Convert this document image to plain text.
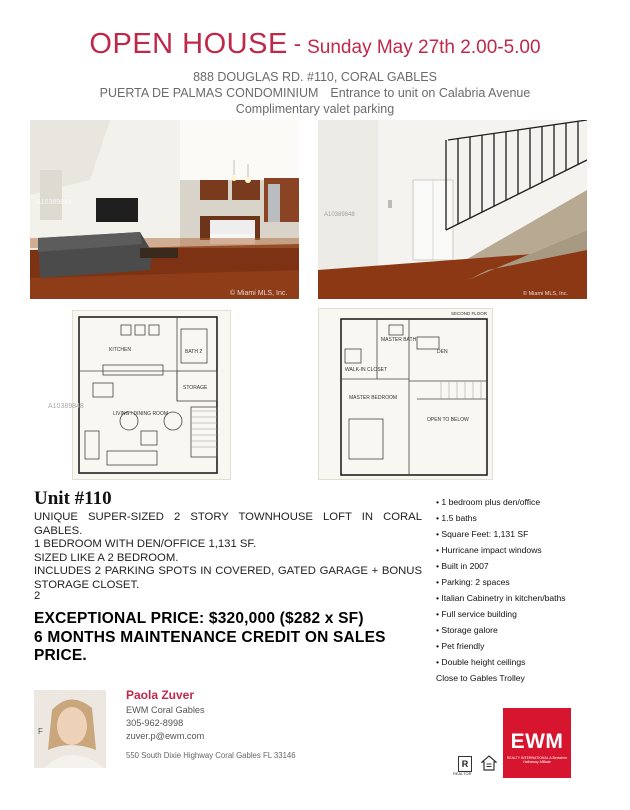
OPEN HOUSE - Sunday May 27th 2.00-5.00
888 DOUGLAS RD. #110, CORAL GABLES
PUERTA DE PALMAS CONDOMINIUM Entrance to unit on Calabria Avenue
Complimentary valet parking
A10389848
© Miami MLS, Inc.
A10389848
© Miami MLS, Inc.
KITCHEN	BATH 2
LIVING / DINING ROOM
STORAGE
A10389848
SECOND FLOOR
MASTER BATH
DEN
WALK-IN CLOSET
MASTER BEDROOM
OPEN TO BELOW
Unit #110
UNIQUE SUPER-SIZED 2 STORY TOWNHOUSE LOFT IN CORAL GABLES.
1 BEDROOM WITH DEN/OFFICE 1,131 SF.
SIZED LIKE A 2 BEDROOM.
INCLUDES 2 PARKING SPOTS IN COVERED, GATED GARAGE + BONUS STORAGE CLOSET.
2
EXCEPTIONAL PRICE: $320,000 ($282 x SF)
6 MONTHS MAINTENANCE CREDIT ON SALES PRICE.
• 1 bedroom plus den/office
• 1.5 baths
• Square Feet: 1,131 SF
• Hurricane impact windows
• Built in 2007
• Parking: 2 spaces
• Italian Cabinetry in kitchen/baths
• Full service building
• Storage galore
• Pet friendly
• Double height ceilings
Close to Gables Trolley
F
Paola Zuver
EWM Coral Gables
305-962-8998
zuver.p@ewm.com
550 South Dixie Highway Coral Gables FL 33146
R
REALTOR
EWM
REALTY INTERNATIONAL A Berkshire Hathaway Affiliate
